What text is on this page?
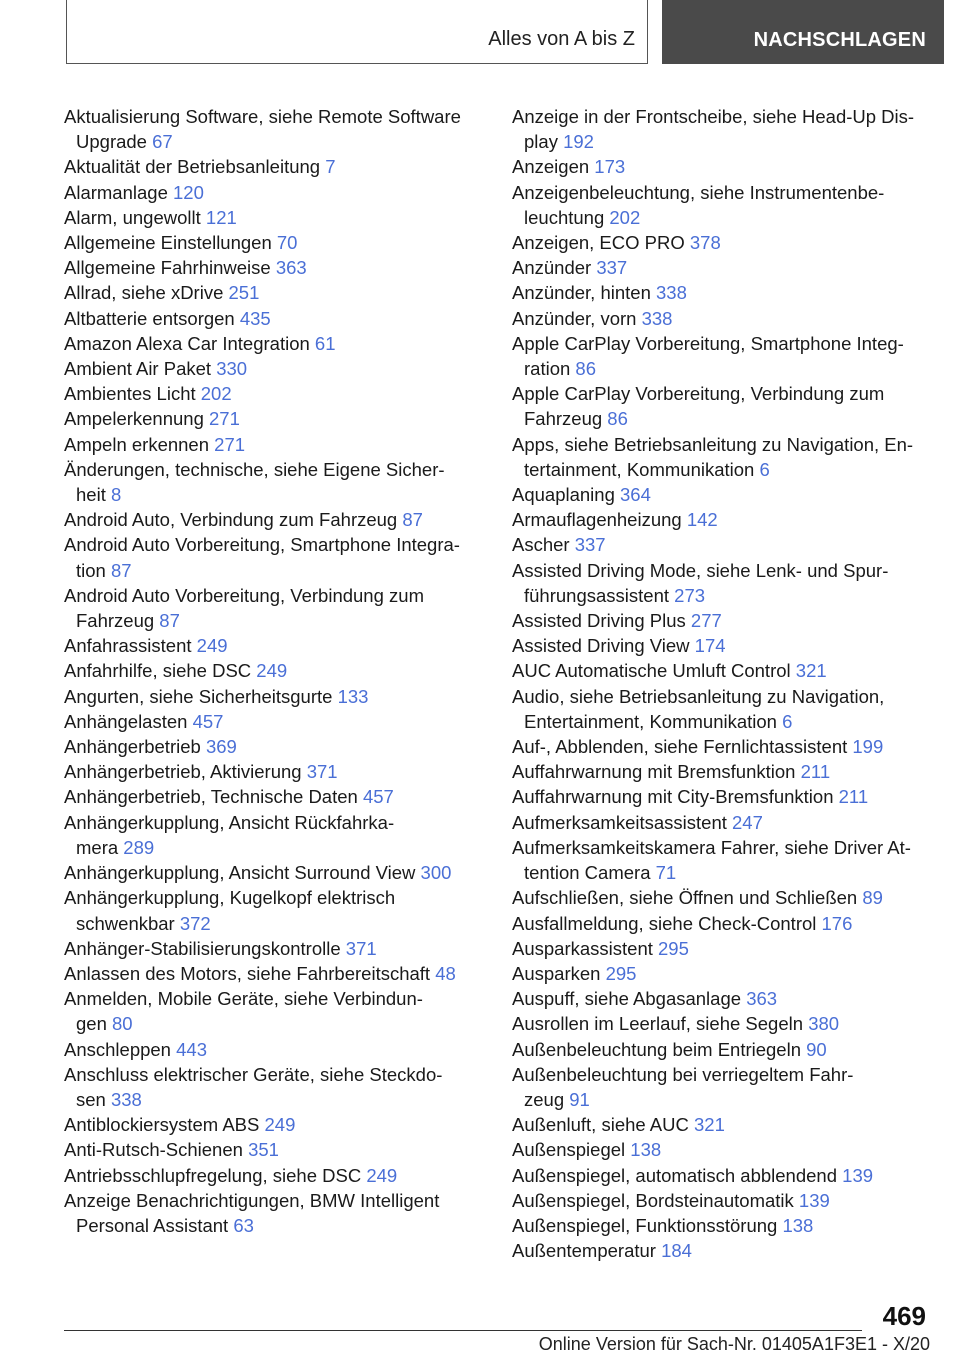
Alles von A bis Z	NACHSCHLAGEN
Aktualisierung Software, siehe Remote Software
Upgrade 67
Aktualität der Betriebsanleitung 7
Alarmanlage 120
Alarm, ungewollt 121
Allgemeine Einstellungen 70
Allgemeine Fahrhinweise 363
Allrad, siehe xDrive 251
Altbatterie entsorgen 435
Amazon Alexa Car Integration 61
Ambient Air Paket 330
Ambientes Licht 202
Ampelerkennung 271
Ampeln erkennen 271
Änderungen, technische, siehe Eigene Sicher-
heit 8
Android Auto, Verbindung zum Fahrzeug 87
Android Auto Vorbereitung, Smartphone Integra-
tion 87
Android Auto Vorbereitung, Verbindung zum
Fahrzeug 87
Anfahrassistent 249
Anfahrhilfe, siehe DSC 249
Angurten, siehe Sicherheitsgurte 133
Anhängelasten 457
Anhängerbetrieb 369
Anhängerbetrieb, Aktivierung 371
Anhängerbetrieb, Technische Daten 457
Anhängerkupplung, Ansicht Rückfahrka-
mera 289
Anhängerkupplung, Ansicht Surround View 300
Anhängerkupplung, Kugelkopf elektrisch
schwenkbar 372
Anhänger-Stabilisierungskontrolle 371
Anlassen des Motors, siehe Fahrbereitschaft 48
Anmelden, Mobile Geräte, siehe Verbindun-
gen 80
Anschleppen 443
Anschluss elektrischer Geräte, siehe Steckdo-
sen 338
Antiblockiersystem ABS 249
Anti-Rutsch-Schienen 351
Antriebsschlupfregelung, siehe DSC 249
Anzeige Benachrichtigungen, BMW Intelligent
Personal Assistant 63
Anzeige in der Frontscheibe, siehe Head-Up Dis-
play 192
Anzeigen 173
Anzeigenbeleuchtung, siehe Instrumentenbe-
leuchtung 202
Anzeigen, ECO PRO 378
Anzünder 337
Anzünder, hinten 338
Anzünder, vorn 338
Apple CarPlay Vorbereitung, Smartphone Integ-
ration 86
Apple CarPlay Vorbereitung, Verbindung zum
Fahrzeug 86
Apps, siehe Betriebsanleitung zu Navigation, En-
tertainment, Kommunikation 6
Aquaplaning 364
Armauflagenheizung 142
Ascher 337
Assisted Driving Mode, siehe Lenk- und Spur-
führungsassistent 273
Assisted Driving Plus 277
Assisted Driving View 174
AUC Automatische Umluft Control 321
Audio, siehe Betriebsanleitung zu Navigation,
Entertainment, Kommunikation 6
Auf-, Abblenden, siehe Fernlichtassistent 199
Auffahrwarnung mit Bremsfunktion 211
Auffahrwarnung mit City-Bremsfunktion 211
Aufmerksamkeitsassistent 247
Aufmerksamkeitskamera Fahrer, siehe Driver At-
tention Camera 71
Aufschließen, siehe Öffnen und Schließen 89
Ausfallmeldung, siehe Check-Control 176
Ausparkassistent 295
Ausparken 295
Auspuff, siehe Abgasanlage 363
Ausrollen im Leerlauf, siehe Segeln 380
Außenbeleuchtung beim Entriegeln 90
Außenbeleuchtung bei verriegeltem Fahr-
zeug 91
Außenluft, siehe AUC 321
Außenspiegel 138
Außenspiegel, automatisch abblendend 139
Außenspiegel, Bordsteinautomatik 139
Außenspiegel, Funktionsstörung 138
Außentemperatur 184
469
Online Version für Sach-Nr. 01405A1F3E1 - X/20
